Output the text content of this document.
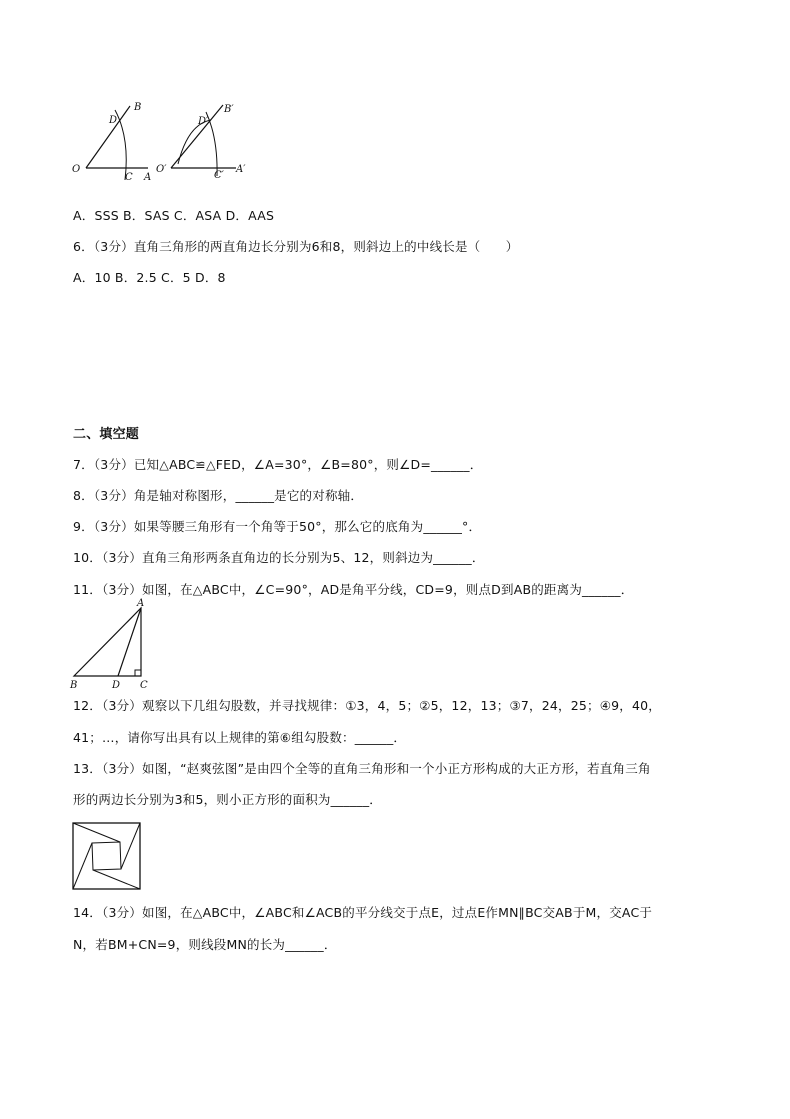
B
D
O
C A
B′
D′
O′
C′
A′
A．SSS B．SAS C．ASA D．AAS
6．（3分）直角三角形的两直角边长分别为6和8，则斜边上的中线长是（　　）
A．10 B．2.5 C．5 D．8
二、填空题
7．（3分）已知△ABC≌△FED，∠A=30°，∠B=80°，则∠D=______．
8．（3分）角是轴对称图形，______是它的对称轴．
9．（3分）如果等腰三角形有一个角等于50°，那么它的底角为______°．
10．（3分）直角三角形两条直角边的长分别为5、12，则斜边为______．
11．（3分）如图，在△ABC中，∠C=90°，AD是角平分线，CD=9，则点D到AB的距离为______．
A
B	D C
12．（3分）观察以下几组勾股数，并寻找规律：①3，4，5；②5，12，13；③7，24，25；④9，40，
41；…，请你写出具有以上规律的第⑥组勾股数：______．
13．（3分）如图，“赵爽弦图”是由四个全等的直角三角形和一个小正方形构成的大正方形，若直角三角
形的两边长分别为3和5，则小正方形的面积为______．
14．（3分）如图，在△ABC中，∠ABC和∠ACB的平分线交于点E，过点E作MN∥BC交AB于M，交AC于
N，若BM+CN=9，则线段MN的长为______．
